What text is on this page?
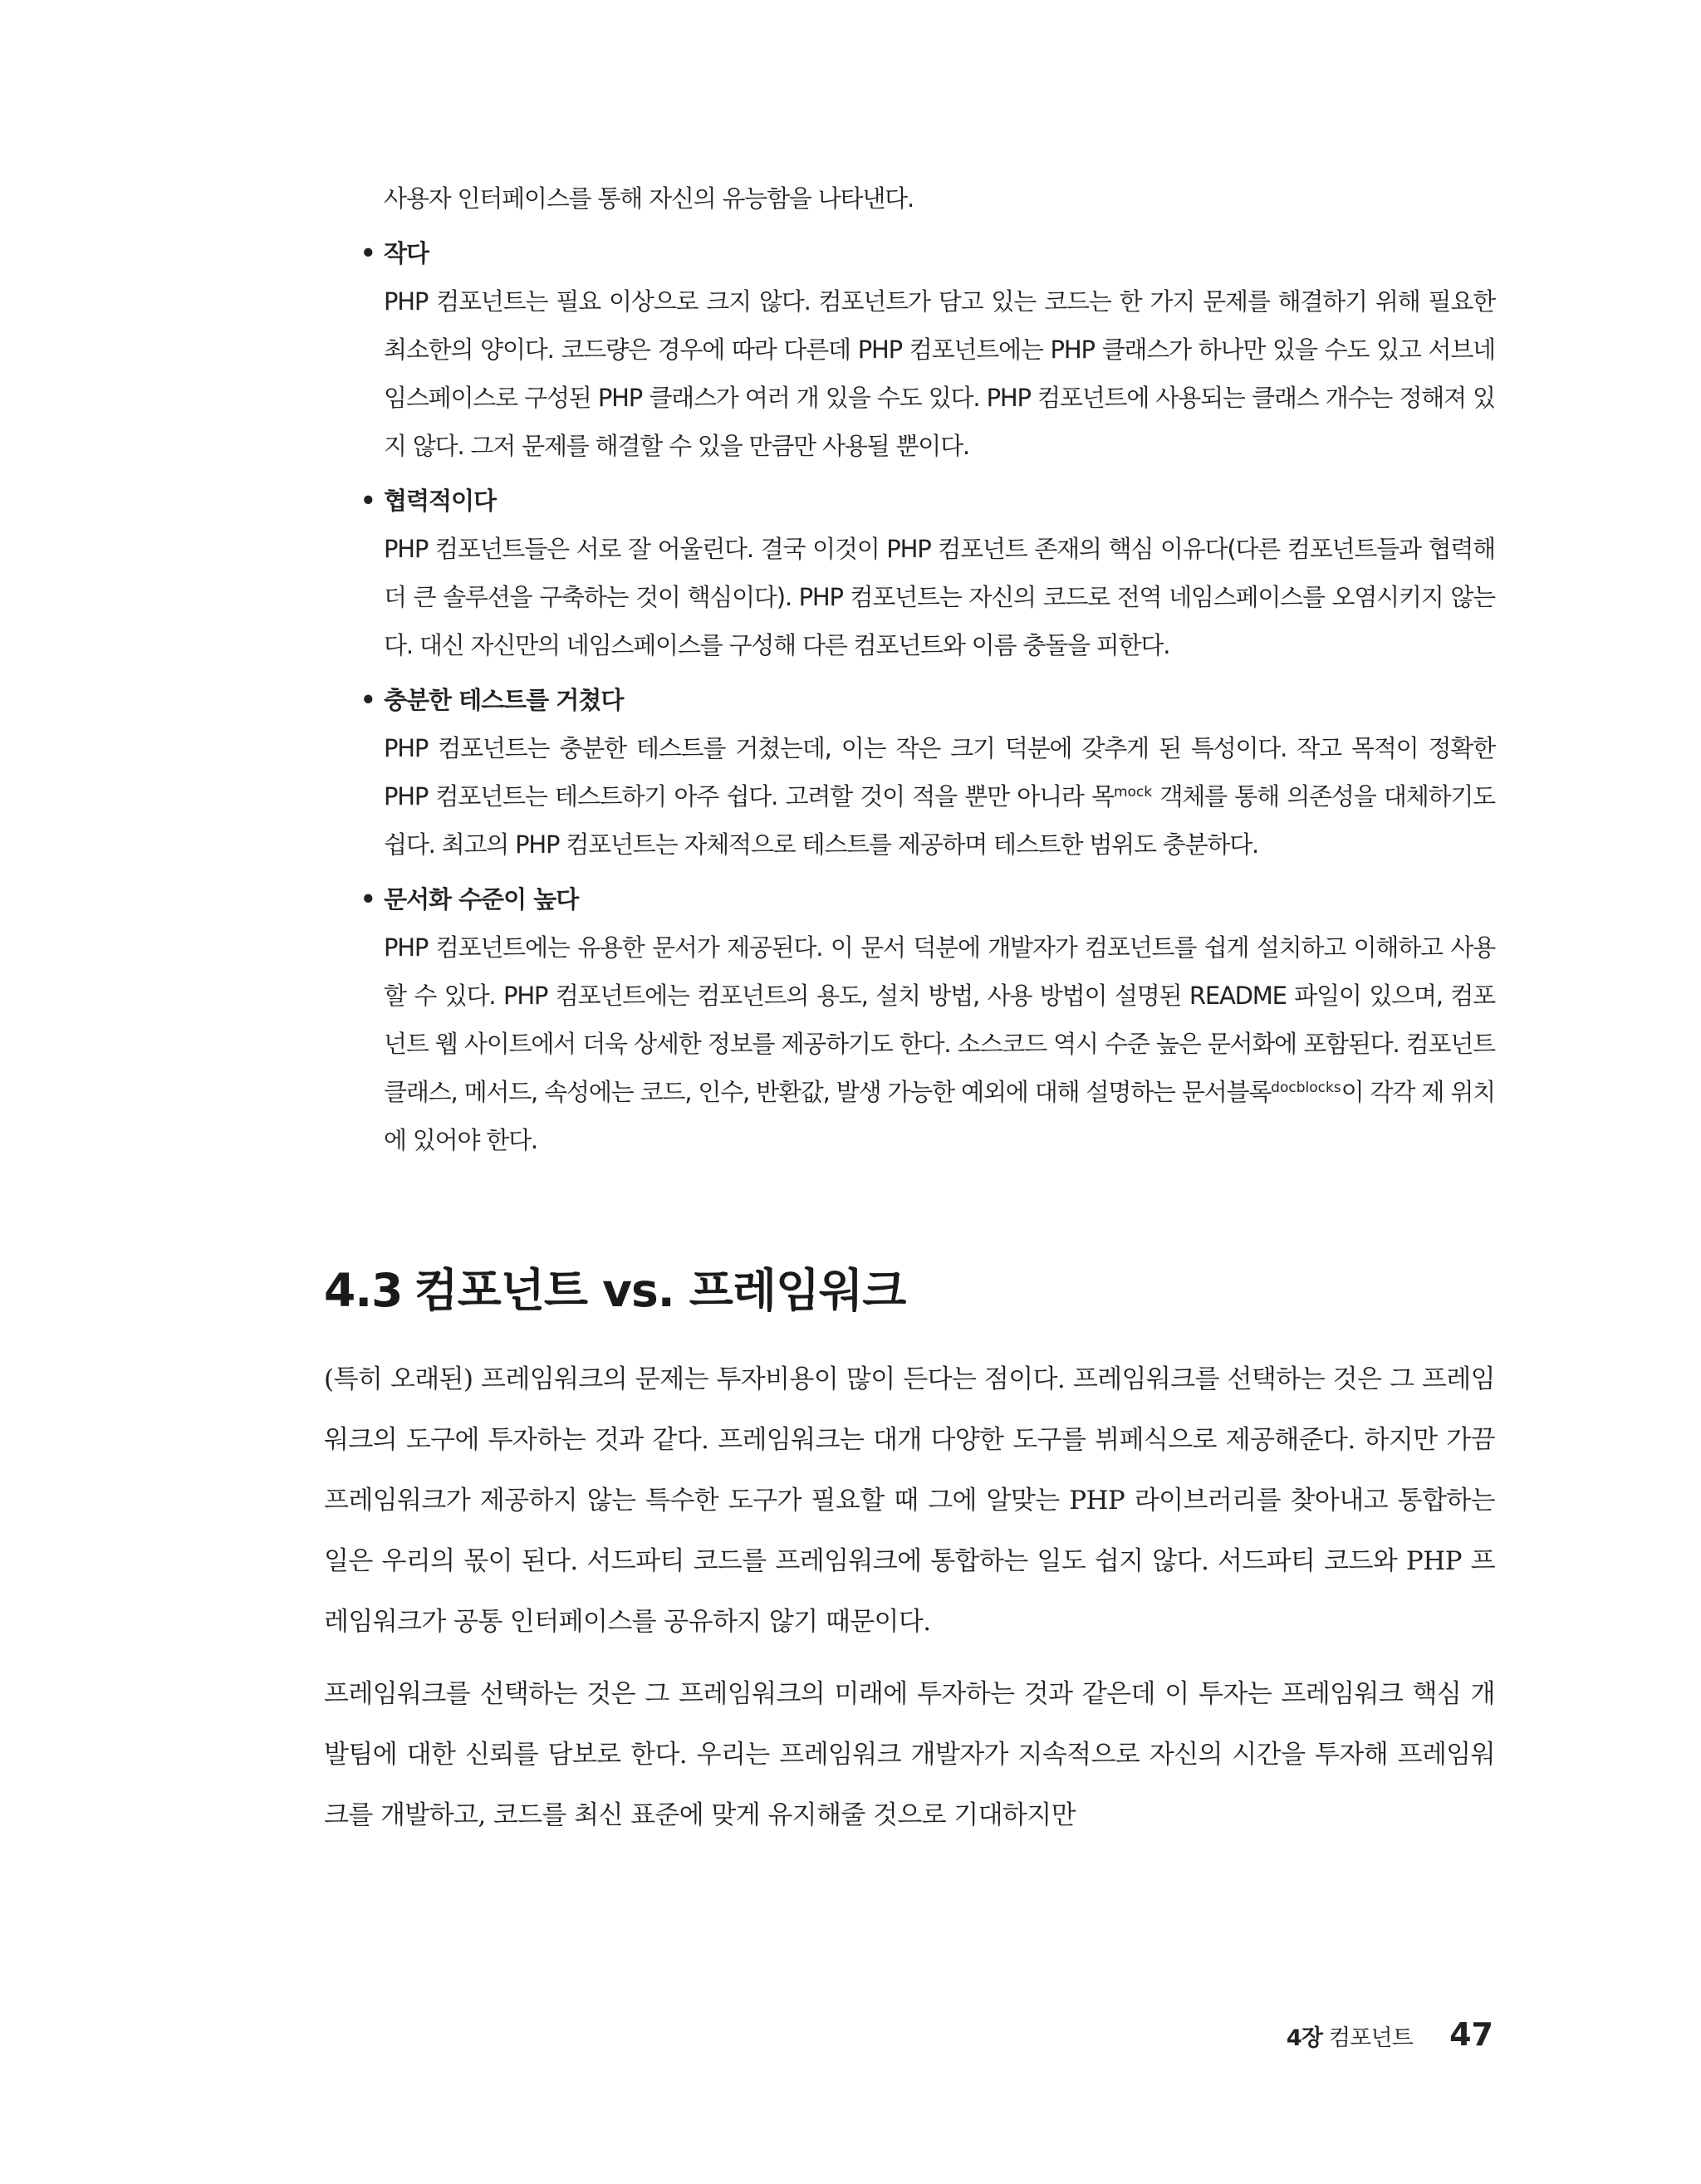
사용자 인터페이스를 통해 자신의 유능함을 나타낸다.

• 작다

PHP 컴포넌트는 필요 이상으로 크지 않다. 컴포넌트가 담고 있는 코드는 한 가지 문제를 해결하기 위해 필요한 최소한의 양이다. 코드량은 경우에 따라 다른데 PHP 컴포넌트에는 PHP 클래스가 하나만 있을 수도 있고 서브네임스페이스로 구성된 PHP 클래스가 여러 개 있을 수도 있다. PHP 컴포넌트에 사용되는 클래스 개수는 정해져 있지 않다. 그저 문제를 해결할 수 있을 만큼만 사용될 뿐이다.

• 협력적이다

PHP 컴포넌트들은 서로 잘 어울린다. 결국 이것이 PHP 컴포넌트 존재의 핵심 이유다(다른 컴포넌트들과 협력해 더 큰 솔루션을 구축하는 것이 핵심이다). PHP 컴포넌트는 자신의 코드로 전역 네임스페이스를 오염시키지 않는다. 대신 자신만의 네임스페이스를 구성해 다른 컴포넌트와 이름 충돌을 피한다.

• 충분한 테스트를 거쳤다

PHP 컴포넌트는 충분한 테스트를 거쳤는데, 이는 작은 크기 덕분에 갖추게 된 특성이다. 작고 목적이 정확한 PHP 컴포넌트는 테스트하기 아주 쉽다. 고려할 것이 적을 뿐만 아니라 목$^{mock}$ 객체를 통해 의존성을 대체하기도 쉽다. 최고의 PHP 컴포넌트는 자체적으로 테스트를 제공하며 테스트한 범위도 충분하다.

• 문서화 수준이 높다

PHP 컴포넌트에는 유용한 문서가 제공된다. 이 문서 덕분에 개발자가 컴포넌트를 쉽게 설치하고 이해하고 사용할 수 있다. PHP 컴포넌트에는 컴포넌트의 용도, 설치 방법, 사용 방법이 설명된 README 파일이 있으며, 컴포넌트 웹 사이트에서 더욱 상세한 정보를 제공하기도 한다. 소스코드 역시 수준 높은 문서화에 포함된다. 컴포넌트 클래스, 메서드, 속성에는 코드, 인수, 반환값, 발생 가능한 예외에 대해 설명하는 문서블록$^{docblocks}$이 각각 제 위치에 있어야 한다.

4.3 컴포넌트 vs. 프레임워크

(특히 오래된) 프레임워크의 문제는 투자비용이 많이 든다는 점이다. 프레임워크를 선택하는 것은 그 프레임워크의 도구에 투자하는 것과 같다. 프레임워크는 대개 다양한 도구를 뷔페식으로 제공해준다. 하지만 가끔 프레임워크가 제공하지 않는 특수한 도구가 필요할 때 그에 알맞는 PHP 라이브러리를 찾아내고 통합하는 일은 우리의 몫이 된다. 서드파티 코드를 프레임워크에 통합하는 일도 쉽지 않다. 서드파티 코드와 PHP 프레임워크가 공통 인터페이스를 공유하지 않기 때문이다.

프레임워크를 선택하는 것은 그 프레임워크의 미래에 투자하는 것과 같은데 이 투자는 프레임워크 핵심 개발팀에 대한 신뢰를 담보로 한다. 우리는 프레임워크 개발자가 지속적으로 자신의 시간을 투자해 프레임워크를 개발하고, 코드를 최신 표준에 맞게 유지해줄 것으로 기대하지만

4장 컴포넌트 47
